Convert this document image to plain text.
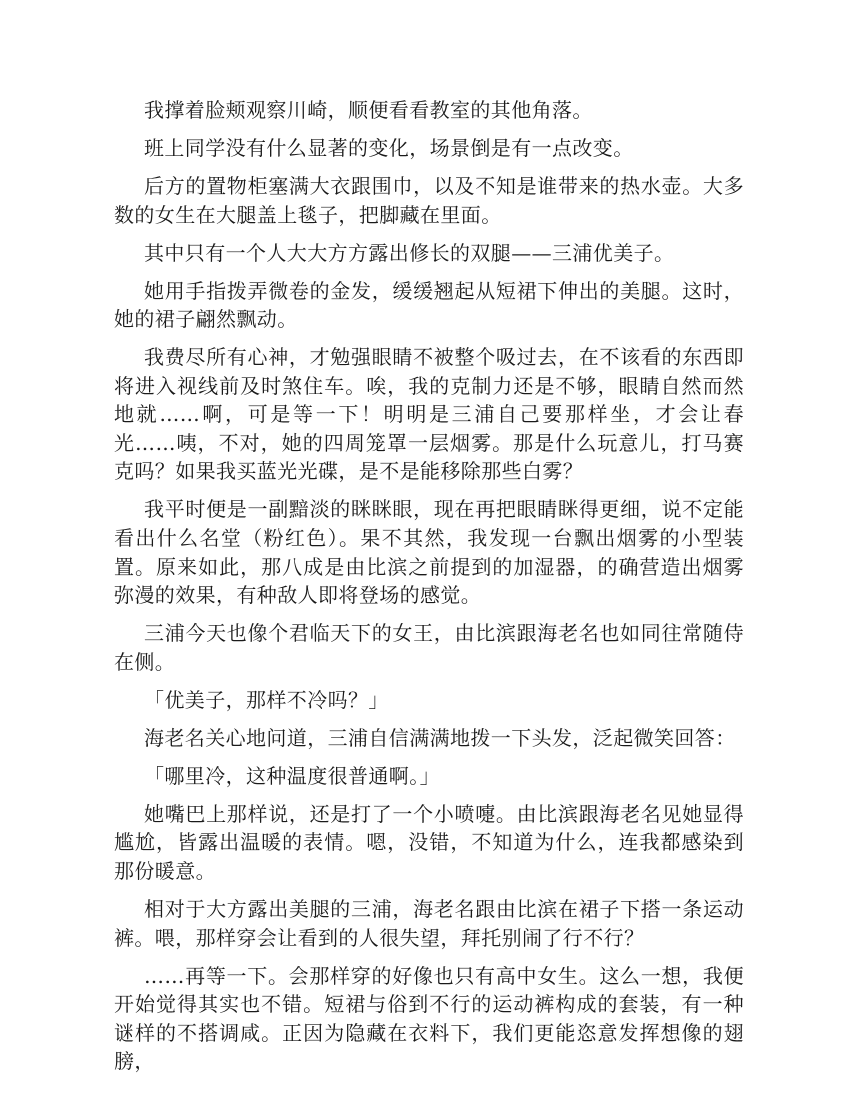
我撑着脸颊观察川崎，顺便看看教室的其他角落。

班上同学没有什么显著的变化，场景倒是有一点改变。

后方的置物柜塞满大衣跟围巾，以及不知是谁带来的热水壶。大多数的女生在大腿盖上毯子，把脚藏在里面。

其中只有一个人大大方方露出修长的双腿——三浦优美子。

她用手指拨弄微卷的金发，缓缓翘起从短裙下伸出的美腿。这时，她的裙子翩然飘动。

我费尽所有心神，才勉强眼睛不被整个吸过去，在不该看的东西即将进入视线前及时煞住车。唉，我的克制力还是不够，眼睛自然而然地就……啊，可是等一下！明明是三浦自己要那样坐，才会让春光……咦，不对，她的四周笼罩一层烟雾。那是什么玩意儿，打马赛克吗？如果我买蓝光光碟，是不是能移除那些白雾？

我平时便是一副黯淡的眯眯眼，现在再把眼睛眯得更细，说不定能看出什么名堂（粉红色）。果不其然，我发现一台飘出烟雾的小型装置。原来如此，那八成是由比滨之前提到的加湿器，的确营造出烟雾弥漫的效果，有种敌人即将登场的感觉。

三浦今天也像个君临天下的女王，由比滨跟海老名也如同往常随侍在侧。

「优美子，那样不冷吗？」

海老名关心地问道，三浦自信满满地拨一下头发，泛起微笑回答：

「哪里冷，这种温度很普通啊。」

她嘴巴上那样说，还是打了一个小喷嚏。由比滨跟海老名见她显得尴尬，皆露出温暖的表情。嗯，没错，不知道为什么，连我都感染到那份暖意。

相对于大方露出美腿的三浦，海老名跟由比滨在裙子下搭一条运动裤。喂，那样穿会让看到的人很失望，拜托别闹了行不行？

……再等一下。会那样穿的好像也只有高中女生。这么一想，我便开始觉得其实也不错。短裙与俗到不行的运动裤构成的套装，有一种谜样的不搭调咸。正因为隐藏在衣料下，我们更能恣意发挥想像的翅膀，
